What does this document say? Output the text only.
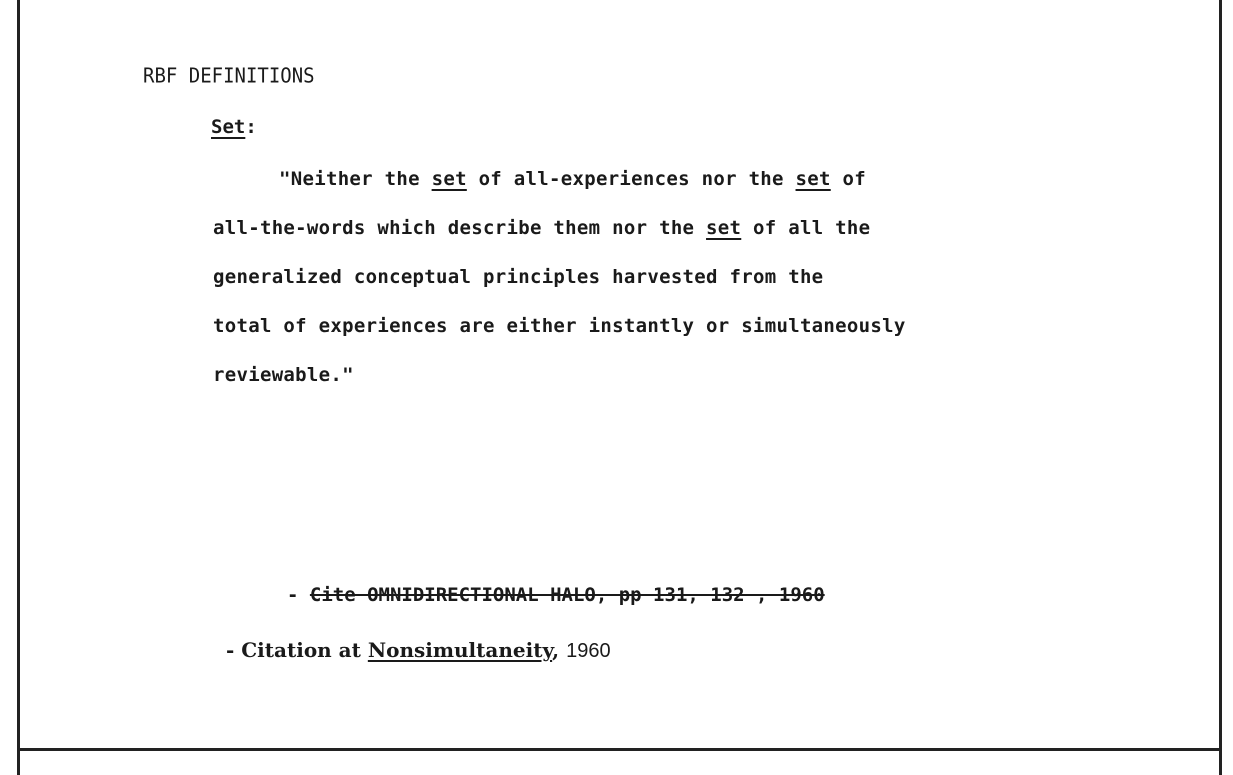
RBF DEFINITIONS
Set:
"Neither the set of all-experiences nor the set of
all-the-words which describe them nor the set of all the
generalized conceptual principles harvested from the
total of experiences are either instantly or simultaneously
reviewable."
- Cite OMNIDIRECTIONAL HALO, pp 131, 132 , 1960
- Citation at Nonsimultaneity, 1960
